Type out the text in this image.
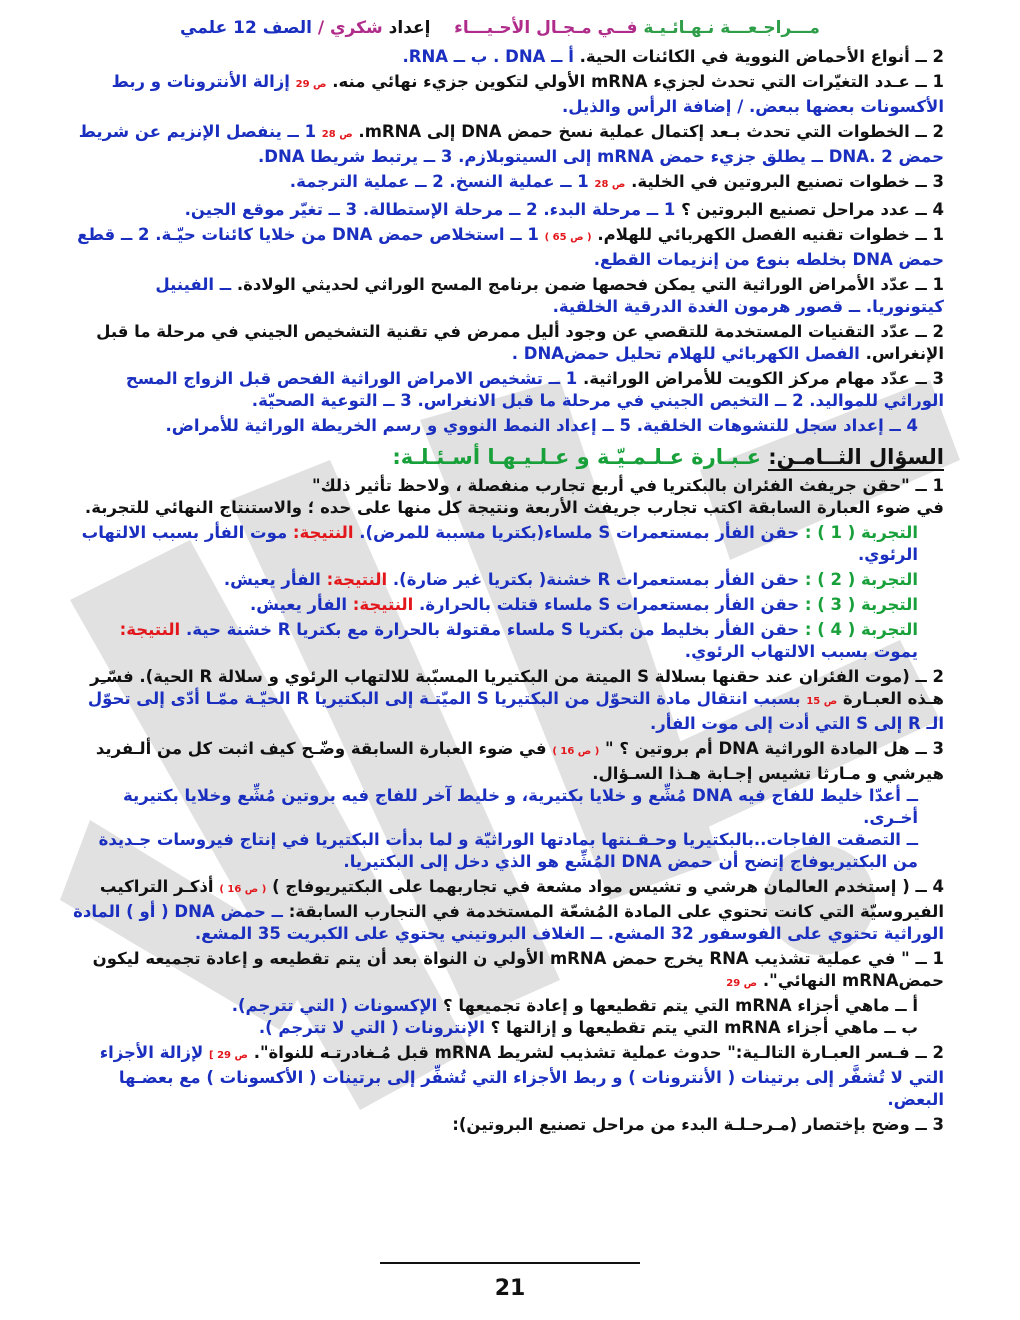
مـــراجـعـــة نـهـائـيـة فــي مـجـال الأحـيـــاء    إعداد شكري / الصف 12 علمي
2 ــ أنواع الأحماض النووية في الكائنات الحية. أ ــ DNA . ب ــ RNA.
1 ــ عـدد التغيّرات التي تحدث لجزيء mRNA الأولي لتكوين جزيء نهائي منه. ص 29 إزالة الأنترونات و ربط الأكسونات بعضها ببعض. / إضافة الرأس والذيل.
2 ــ الخطوات التي تحدث بـعد إكتمال عملية نسخ حمض DNA إلى mRNA. ص 28 1 ــ ينفصل الإنزيم عن شريط حمض DNA. 2 ــ يطلق جزيء حمض mRNA إلى السيتوبلازم. 3 ــ يرتبط شريطا DNA.
3 ــ خطوات تصنيع البروتين في الخلية. ص 28 1 ــ عملية النسخ. 2 ــ عملية الترجمة.
4 ــ عدد مراحل تصنيع البروتين ؟ 1 ــ مرحلة البدء. 2 ــ مرحلة الإستطالة. 3 ــ تغيّر موقع الجين.
1 ــ خطوات تقنيه الفصل الكهربائي للهلام. ( ص 65 ) 1 ــ استخلاص حمض DNA من خلايا كائنات حيّـة. 2 ــ قطع حمض DNA بخلطه بنوع من إنزيمات القطع.
1 ــ عدّد الأمراض الوراثية التي يمكن فحصها ضمن برنامج المسح الوراثي لحديثي الولادة. ــ الفينيل كيتونوريا. ــ قصور هرمون الغدة الدرقية الخلقية.
2 ــ عدّد التقنيات المستخدمة للتقصي عن وجود أليل ممرض في تقنية التشخيص الجيني في مرحلة ما قبل الإنغراس. الفصل الكهربائي للهلام تحليل حمضDNA .
3 ــ عدّد مهام مركز الكويت للأمراض الوراثية. 1 ــ تشخيص الامراض الوراثية الفحص قبل الزواج المسح الوراثي للمواليد. 2 ــ التخيص الجيني في مرحلة ما قبل الانغراس. 3 ــ التوعية الصحيّة.
4 ــ إعداد سجل للتشوهات الخلقية. 5 ــ إعداد النمط النووي و رسم الخريطة الوراثية للأمراض.
السؤال الثــامـن: عـبـارة عـلـمـيّـة و عـلـيـهـا أسـئـلـة:
1 ــ "حقن جريفث الفئران بالبكتريا في أربع تجارب منفصلة ، ولاحظ تأثير ذلك"
في ضوء العبارة السابقة اكتب تجارب جريفث الأربعة ونتيجة كل منها على حده ؛ والاستنتاج النهائي للتجربة.
التجربة ( 1 ) : حقن الفأر بمستعمرات S ملساء(بكتريا مسببة للمرض). النتيجة: موت الفأر بسبب الالتهاب الرئوي.
التجربة ( 2 ) : حقن الفأر بمستعمرات R خشنة( بكتريا غير ضارة). النتيجة: الفأر يعيش.
التجربة ( 3 ) : حقن الفأر بمستعمرات S ملساء قتلت بالحرارة. النتيجة: الفأر يعيش.
التجربة ( 4 ) : حقن الفأر بخليط من بكتريا S ملساء مقتولة بالحرارة مع بكتريا R خشنة حية. النتيجة: يموت بسبب الالتهاب الرئوي.
2 ــ (موت الفئران عند حقنها بسلالة S الميتة من البكتيريا المسبّبة للالتهاب الرئوي و سلالة R الحية). فسّـِر هـذه العبـارة ص 15 بسبب انتقال مادة التحوّل من البكتيريا S الميّتـة إلى البكتيريا R الحيّـة ممّـا أدّى إلى تحوّل الـ R إلى S التي أدت إلى موت الفأر.
3 ــ هل المادة الوراثية DNA أم بروتين ؟ " ( ص 16 ) في ضوء العبارة السابقة وضّـح كيف اثبت كل من ألـفريد هيرشي و مـارثا تشيس إجـابة هـذا السـؤال.
ــ أعدّا خليط للفاج فيه DNA مُشِّع و خلايا بكتيرية، و خليط آخر للفاج فيه بروتين مُشِّع وخلايا بكتيرية أخـرى.
ــ التصقت الفاجات..بالبكتيريا وحـقـنتها بمادتها الوراثيّة و لما بدأت البكتيريا في إنتاج فيروسات جـديدة من البكتيريوفاج إتضح أن حمض DNA المُشِّع هو الذي دخل إلى البكتيريا.
4 ــ ( إستخدم العالمان هرشي و تشيس مواد مشعة في تجاربهما على البكتيريوفاج ) ( ص 16 ) أذكـر التراكيب الفيروسيّة التي كانت تحتوي على المادة المُشعّة المستخدمة في التجارب السابقة: ــ حمض DNA ( أو ) المادة الوراثية تحتوي على الفوسفور 32 المشع. ــ الغلاف البروتيني يحتوي على الكبريت 35 المشع.
1 ــ " في عملية تشذيب RNA يخرج حمض mRNA الأولي ن النواة بعد أن يتم تقطيعه و إعادة تجميعه ليكون حمضmRNA النهائي". ص 29
أ ــ ماهي أجزاء mRNA التي يتم تقطيعها و إعادة تجميعها ؟ الإكسونات ( التي تترجم).
ب ــ ماهي أجزاء mRNA التي يتم تقطيعها و إزالتها ؟ الإنترونات ( التي لا تترجم ).
2 ــ فـسر العبـارة التالـية:" حدوث عملية تشذيب لشريط mRNA قبل مُـغادرتـه للنواة". ص 29 ] لإزالة الأجزاء التي لا تُشفَّر إلى برتينات ( الأنترونات ) و ربط الأجزاء التي تُشفِّر إلى برتينات ( الأكسونات ) مع بعضـها البعض.
3 ــ وضح بإختصار (مـرحـلـة البدء من مراحل تصنيع البروتين):
21
